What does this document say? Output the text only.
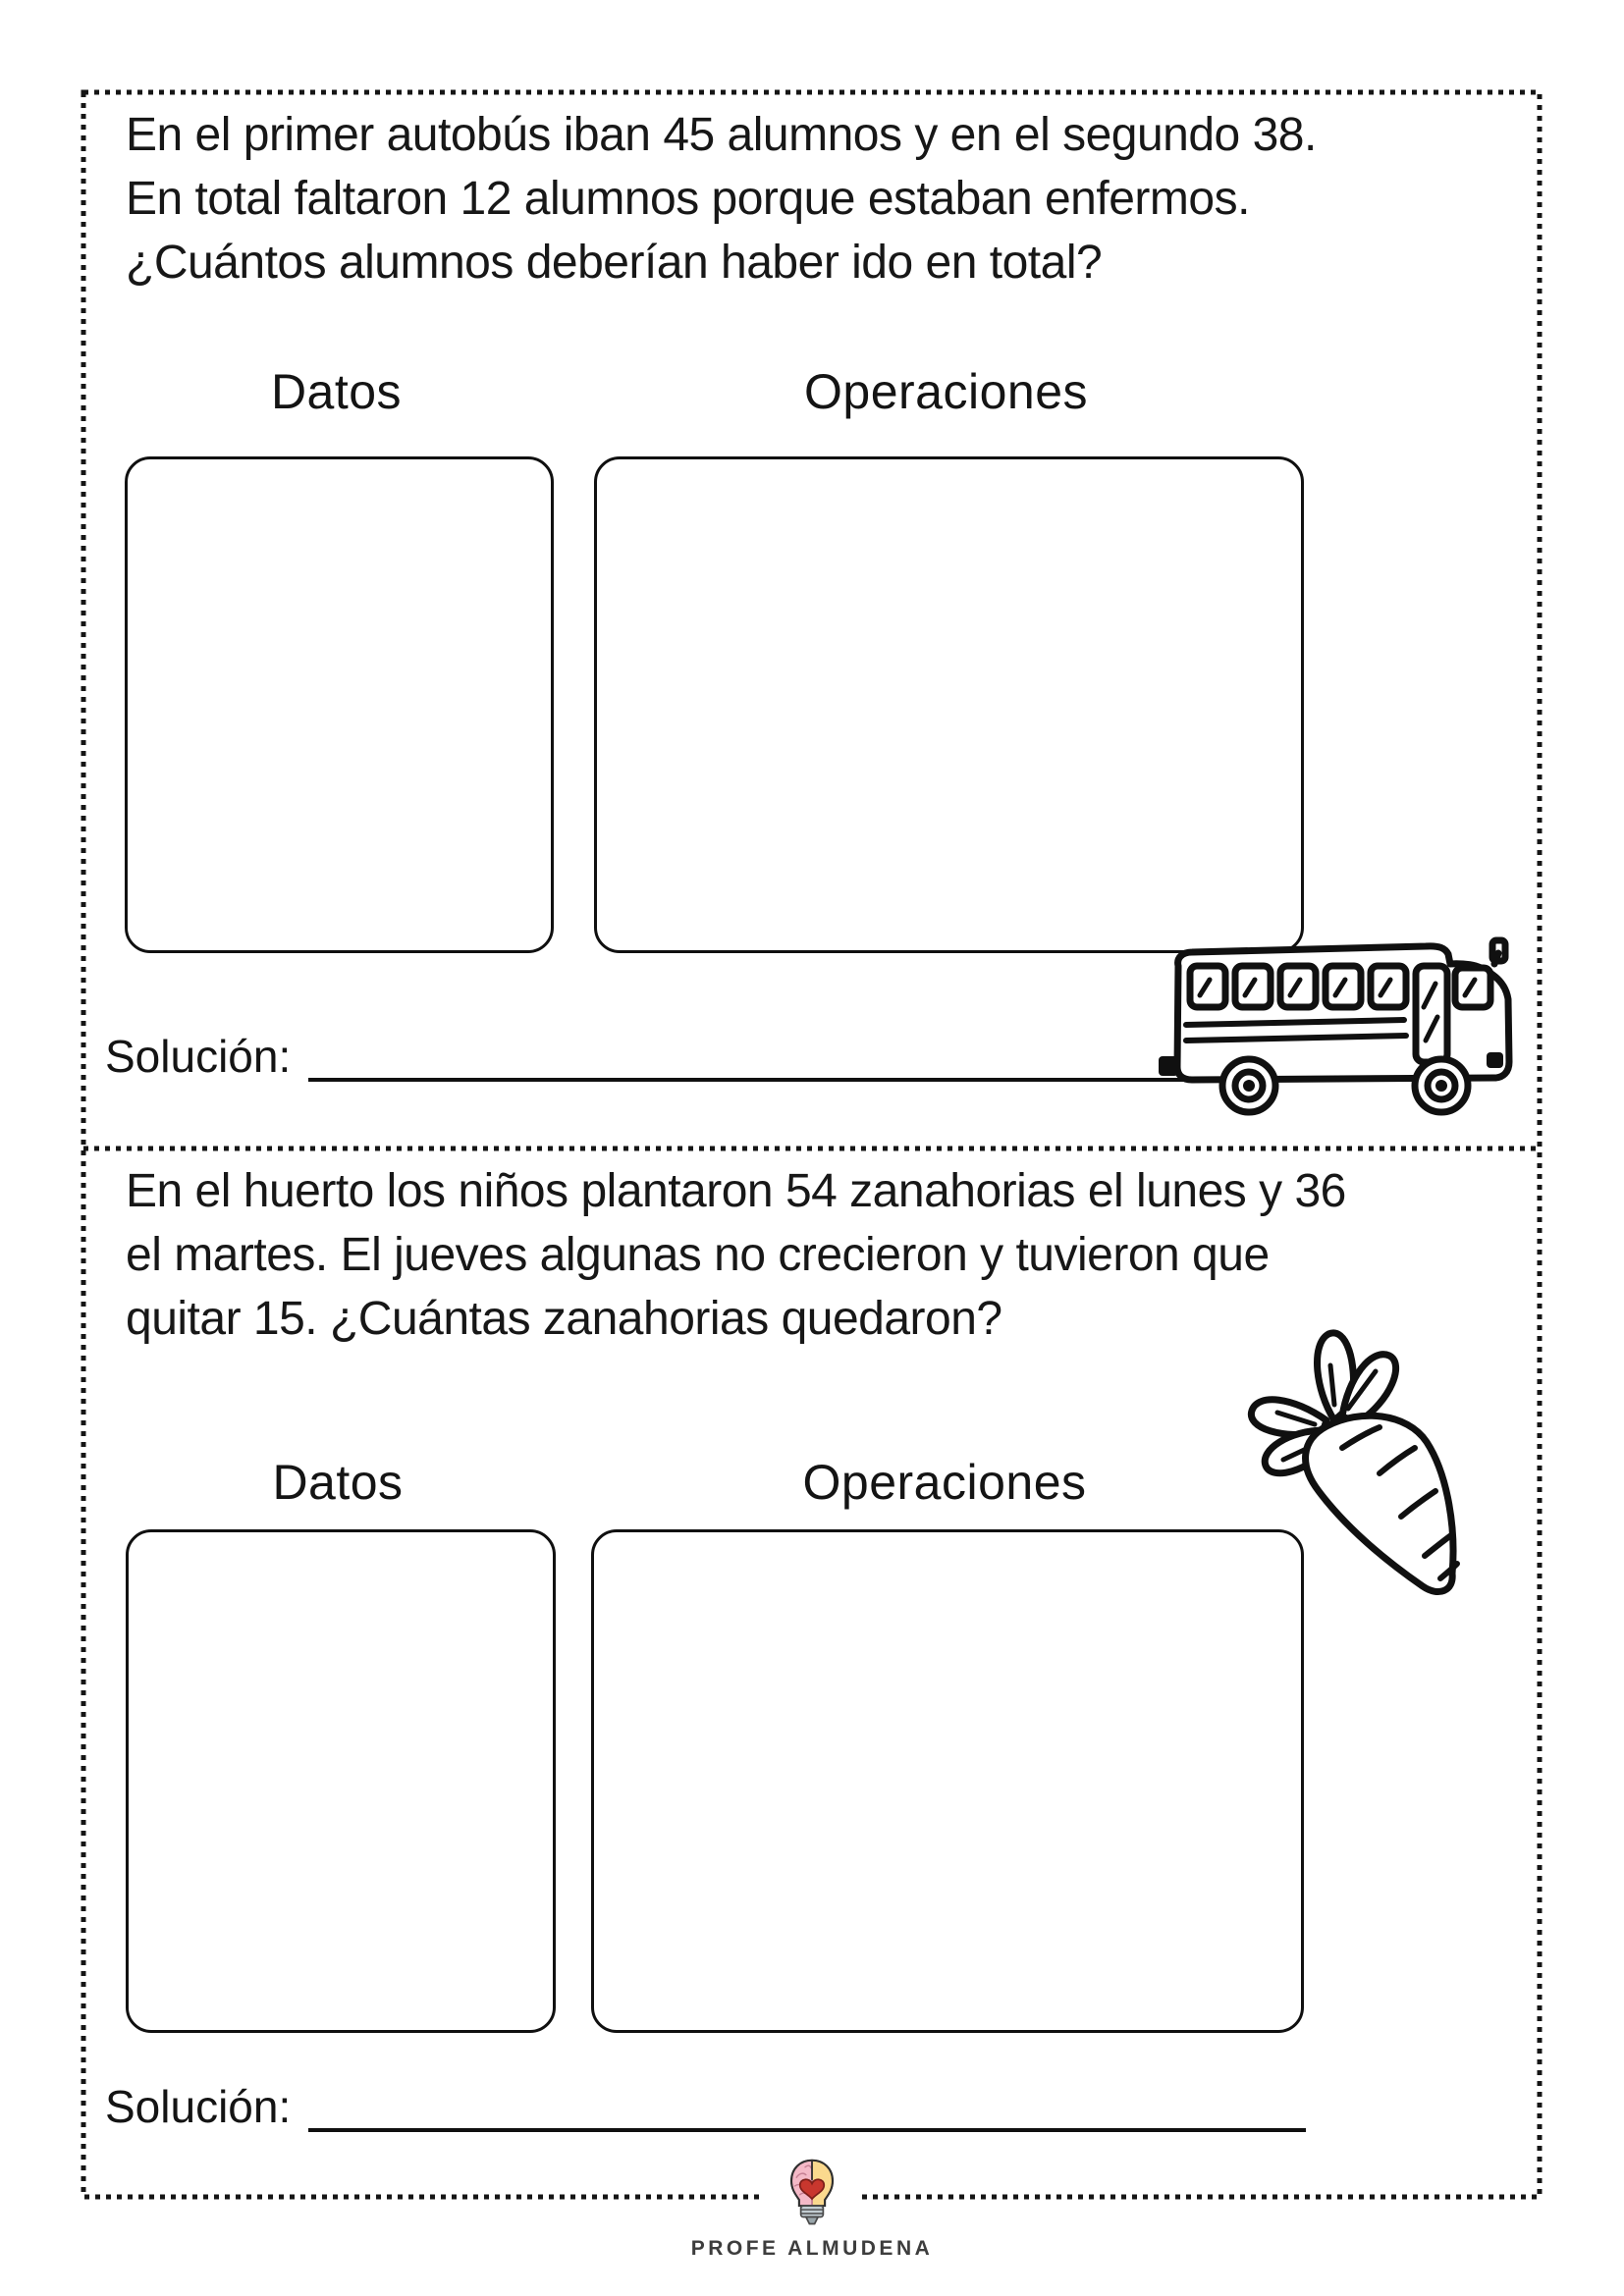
En el primer autobús iban 45 alumnos y en el segundo 38.
En total faltaron 12 alumnos porque estaban enfermos.
¿Cuántos alumnos deberían haber ido en total?
Datos	Operaciones
Solución:
En el huerto los niños plantaron 54 zanahorias el lunes y 36
el martes. El jueves algunas no crecieron y tuvieron que
quitar 15. ¿Cuántas zanahorias quedaron?
Datos	Operaciones
Solución:
PROFE ALMUDENA
